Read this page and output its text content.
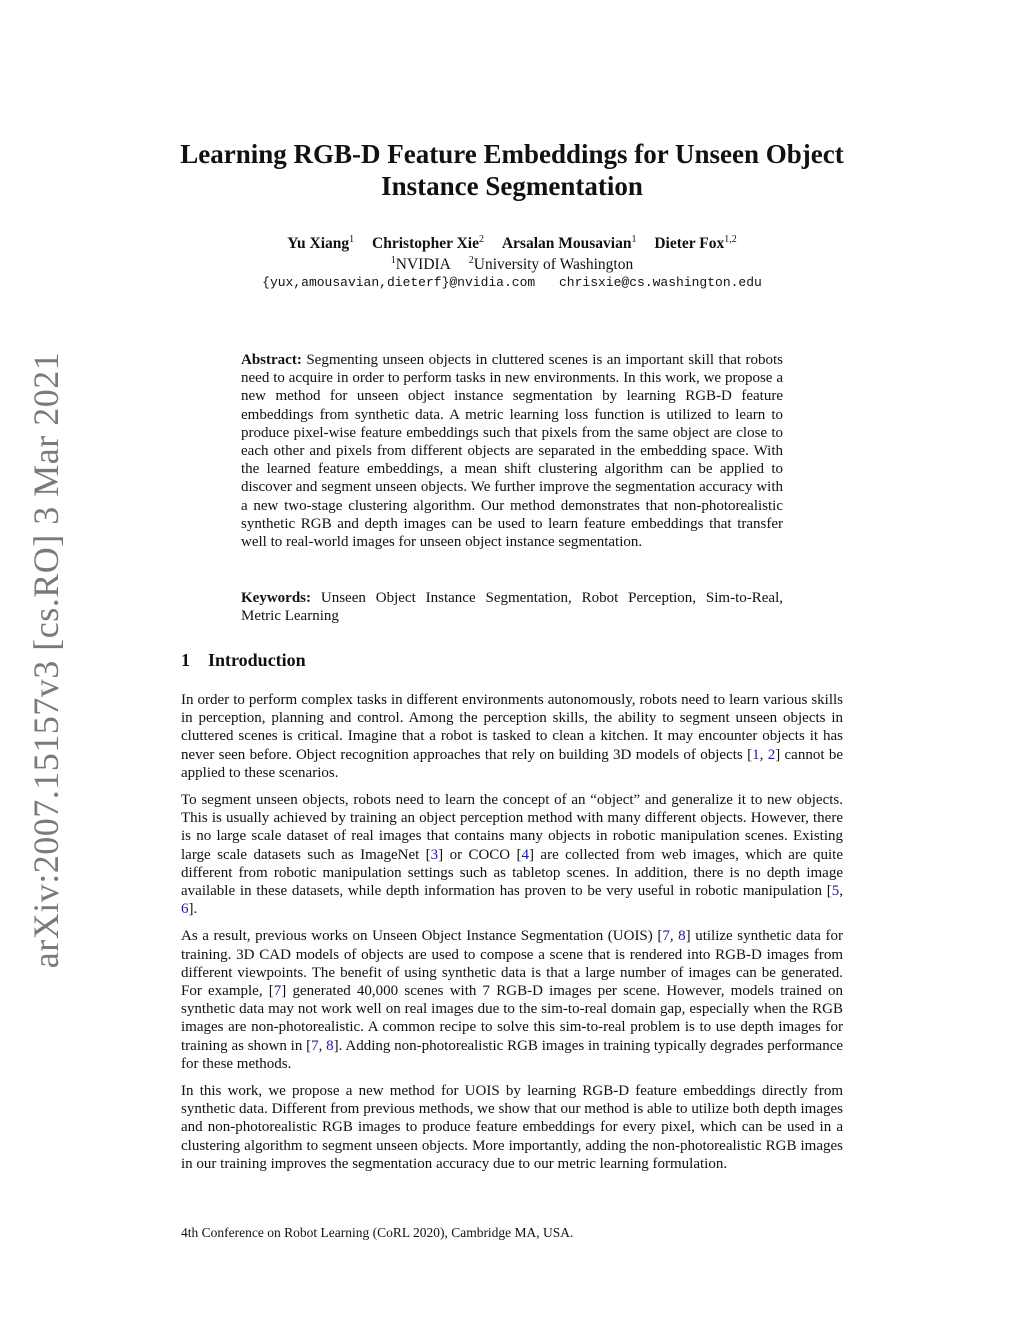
arXiv:2007.15157v3 [cs.RO] 3 Mar 2021
Learning RGB-D Feature Embeddings for Unseen Object Instance Segmentation
Yu Xiang$^1$ Christopher Xie$^2$ Arsalan Mousavian$^1$ Dieter Fox$^{1,2}$
$^1$NVIDIA $^2$University of Washington
{yux,amousavian,dieterf}@nvidia.com chrisxie@cs.washington.edu
Abstract: Segmenting unseen objects in cluttered scenes is an important skill that robots need to acquire in order to perform tasks in new environments. In this work, we propose a new method for unseen object instance segmentation by learning RGB-D feature embeddings from synthetic data. A metric learning loss function is utilized to learn to produce pixel-wise feature embeddings such that pixels from the same object are close to each other and pixels from different objects are separated in the embedding space. With the learned feature embeddings, a mean shift clustering algorithm can be applied to discover and segment unseen objects. We further improve the segmentation accuracy with a new two-stage clustering algorithm. Our method demonstrates that non-photorealistic synthetic RGB and depth images can be used to learn feature embeddings that transfer well to real-world images for unseen object instance segmentation.
Keywords: Unseen Object Instance Segmentation, Robot Perception, Sim-to-Real, Metric Learning
1 Introduction

In order to perform complex tasks in different environments autonomously, robots need to learn various skills in perception, planning and control. Among the perception skills, the ability to segment unseen objects in cluttered scenes is critical. Imagine that a robot is tasked to clean a kitchen. It may encounter objects it has never seen before. Object recognition approaches that rely on building 3D models of objects [1, 2] cannot be applied to these scenarios.

To segment unseen objects, robots need to learn the concept of an “object” and generalize it to new objects. This is usually achieved by training an object perception method with many different objects. However, there is no large scale dataset of real images that contains many objects in robotic manipulation scenes. Existing large scale datasets such as ImageNet [3] or COCO [4] are collected from web images, which are quite different from robotic manipulation settings such as tabletop scenes. In addition, there is no depth image available in these datasets, while depth information has proven to be very useful in robotic manipulation [5, 6].

As a result, previous works on Unseen Object Instance Segmentation (UOIS) [7, 8] utilize synthetic data for training. 3D CAD models of objects are used to compose a scene that is rendered into RGB-D images from different viewpoints. The benefit of using synthetic data is that a large number of images can be generated. For example, [7] generated 40,000 scenes with 7 RGB-D images per scene. However, models trained on synthetic data may not work well on real images due to the sim-to-real domain gap, especially when the RGB images are non-photorealistic. A common recipe to solve this sim-to-real problem is to use depth images for training as shown in [7, 8]. Adding non-photorealistic RGB images in training typically degrades performance for these methods.

In this work, we propose a new method for UOIS by learning RGB-D feature embeddings directly from synthetic data. Different from previous methods, we show that our method is able to utilize both depth images and non-photorealistic RGB images to produce feature embeddings for every pixel, which can be used in a clustering algorithm to segment unseen objects. More importantly, adding the non-photorealistic RGB images in our training improves the segmentation accuracy due to our metric learning formulation.

4th Conference on Robot Learning (CoRL 2020), Cambridge MA, USA.
